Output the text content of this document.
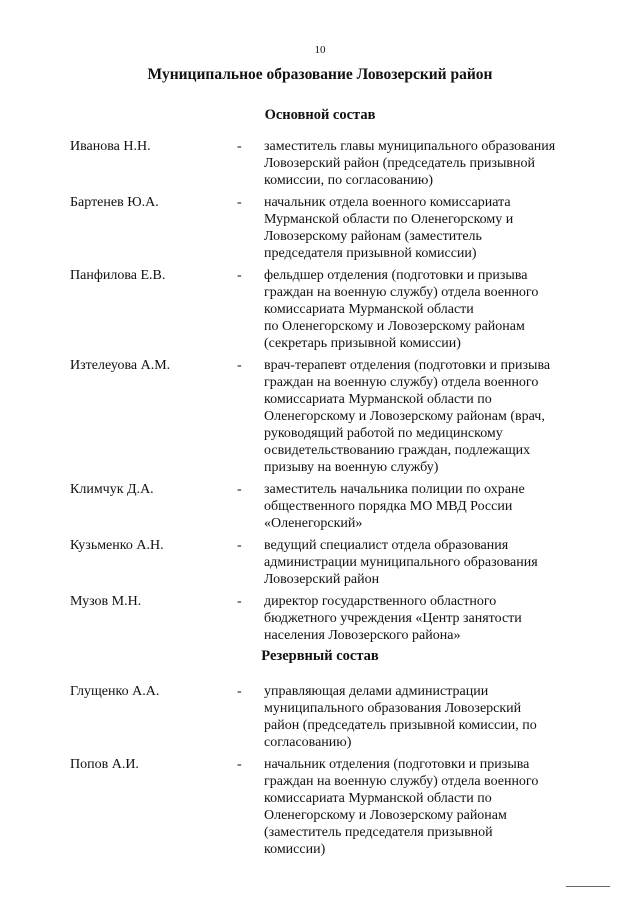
10
Муниципальное образование Ловозерский район
Основной состав
Иванова Н.Н.	- заместитель главы муниципального образования
Ловозерский район (председатель призывной
комиссии, по согласованию)
Бартенев Ю.А.	- начальник отдела военного комиссариата
Мурманской области по Оленегорскому и
Ловозерскому районам (заместитель
председателя призывной комиссии)
Панфилова Е.В.	- фельдшер отделения (подготовки и призыва
граждан на военную службу) отдела военного
комиссариата Мурманской области
по Оленегорскому и Ловозерскому районам
(секретарь призывной комиссии)
Изтелеуова А.М.	- врач-терапевт отделения (подготовки и призыва
граждан на военную службу) отдела военного
комиссариата Мурманской области по
Оленегорскому и Ловозерскому районам (врач,
руководящий работой по медицинскому
освидетельствованию граждан, подлежащих
призыву на военную службу)
Климчук Д.А.	- заместитель начальника полиции по охране
общественного порядка МО МВД России
«Оленегорский»
Кузьменко А.Н.	- ведущий специалист отдела образования
администрации муниципального образования
Ловозерский район
Музов М.Н.	- директор государственного областного
бюджетного учреждения «Центр занятости
населения Ловозерского района»
Резервный состав
Глущенко А.А.	- управляющая делами администрации
муниципального образования Ловозерский
район (председатель призывной комиссии, по
согласованию)
Попов А.И.	- начальник отделения (подготовки и призыва
граждан на военную службу) отдела военного
комиссариата Мурманской области по
Оленегорскому и Ловозерскому районам
(заместитель председателя призывной
комиссии)
